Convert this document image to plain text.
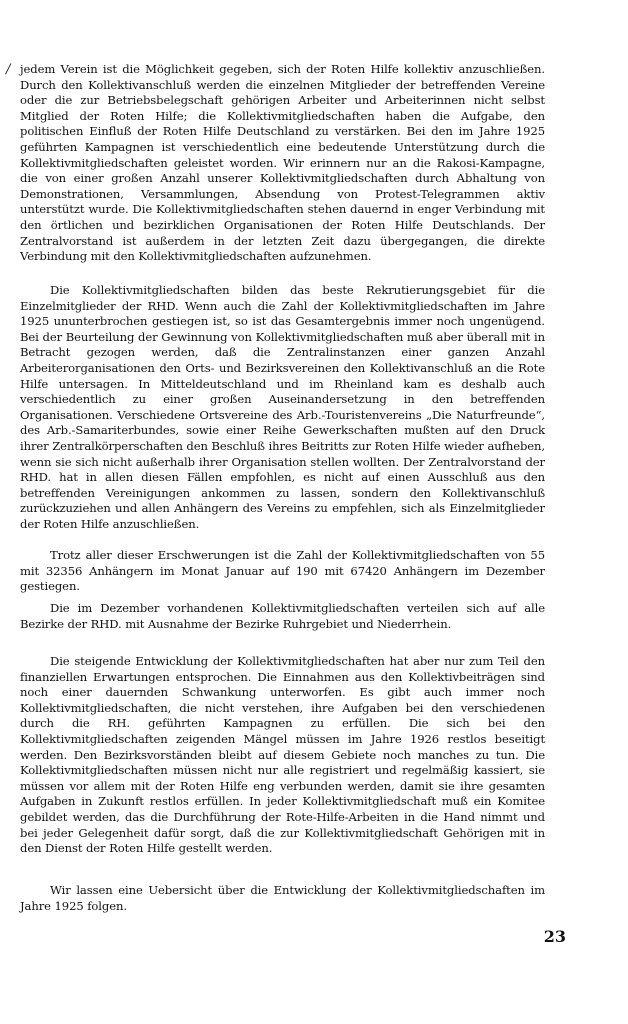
/ jedem Verein ist die Möglichkeit gegeben, sich der Roten Hilfe kollektiv anzuschließen. Durch den Kollektivanschluß werden die einzelnen Mitglieder der betreffenden Vereine oder die zur Betriebsbelegschaft gehörigen Arbeiter und Arbeiterinnen nicht selbst Mitglied der Roten Hilfe; die Kollektivmitgliedschaften haben die Aufgabe, den politischen Einfluß der Roten Hilfe Deutschland zu verstärken. Bei den im Jahre 1925 geführten Kampagnen ist verschiedentlich eine bedeutende Unterstützung durch die Kollektivmitgliedschaften geleistet worden. Wir erinnern nur an die Rakosi-Kampagne, die von einer großen Anzahl unserer Kollektivmitgliedschaften durch Abhaltung von Demonstrationen, Versammlungen, Absendung von Protest-Telegrammen aktiv unterstützt wurde. Die Kollektivmitgliedschaften stehen dauernd in enger Verbindung mit den örtlichen und bezirklichen Organisationen der Roten Hilfe Deutschlands. Der Zentralvorstand ist außerdem in der letzten Zeit dazu übergegangen, die direkte Verbindung mit den Kollektivmitgliedschaften aufzunehmen.

Die Kollektivmitgliedschaften bilden das beste Rekrutierungsgebiet für die Einzelmitglieder der RHD. Wenn auch die Zahl der Kollektivmitgliedschaften im Jahre 1925 ununterbrochen gestiegen ist, so ist das Gesamtergebnis immer noch ungenügend. Bei der Beurteilung der Gewinnung von Kollektivmitgliedschaften muß aber überall mit in Betracht gezogen werden, daß die Zentralinstanzen einer ganzen Anzahl Arbeiterorganisationen den Orts- und Bezirksvereinen den Kollektivanschluß an die Rote Hilfe untersagen. In Mitteldeutschland und im Rheinland kam es deshalb auch verschiedentlich zu einer großen Auseinandersetzung in den betreffenden Organisationen. Verschiedene Ortsvereine des Arb.-Touristenvereins „Die Naturfreunde“, des Arb.-Samariterbundes, sowie einer Reihe Gewerkschaften mußten auf den Druck ihrer Zentralkörperschaften den Beschluß ihres Beitritts zur Roten Hilfe wieder aufheben, wenn sie sich nicht außerhalb ihrer Organisation stellen wollten. Der Zentralvorstand der RHD. hat in allen diesen Fällen empfohlen, es nicht auf einen Ausschluß aus den betreffenden Vereinigungen ankommen zu lassen, sondern den Kollektivanschluß zurückzuziehen und allen Anhängern des Vereins zu empfehlen, sich als Einzelmitglieder der Roten Hilfe anzuschließen.

Trotz aller dieser Erschwerungen ist die Zahl der Kollektivmitgliedschaften von 55 mit 32356 Anhängern im Monat Januar auf 190 mit 67420 Anhängern im Dezember gestiegen.

Die im Dezember vorhandenen Kollektivmitgliedschaften verteilen sich auf alle Bezirke der RHD. mit Ausnahme der Bezirke Ruhrgebiet und Niederrhein.

Die steigende Entwicklung der Kollektivmitgliedschaften hat aber nur zum Teil den finanziellen Erwartungen entsprochen. Die Einnahmen aus den Kollektivbeiträgen sind noch einer dauernden Schwankung unterworfen. Es gibt auch immer noch Kollektivmitgliedschaften, die nicht verstehen, ihre Aufgaben bei den verschiedenen durch die RH. geführten Kampagnen zu erfüllen. Die sich bei den Kollektivmitgliedschaften zeigenden Mängel müssen im Jahre 1926 restlos beseitigt werden. Den Bezirksvorständen bleibt auf diesem Gebiete noch manches zu tun. Die Kollektivmitgliedschaften müssen nicht nur alle registriert und regelmäßig kassiert, sie müssen vor allem mit der Roten Hilfe eng verbunden werden, damit sie ihre gesamten Aufgaben in Zukunft restlos erfüllen. In jeder Kollektivmitgliedschaft muß ein Komitee gebildet werden, das die Durchführung der Rote-Hilfe-Arbeiten in die Hand nimmt und bei jeder Gelegenheit dafür sorgt, daß die zur Kollektivmitgliedschaft Gehörigen mit in den Dienst der Roten Hilfe gestellt werden.

Wir lassen eine Uebersicht über die Entwicklung der Kollektivmitgliedschaften im Jahre 1925 folgen.

23
